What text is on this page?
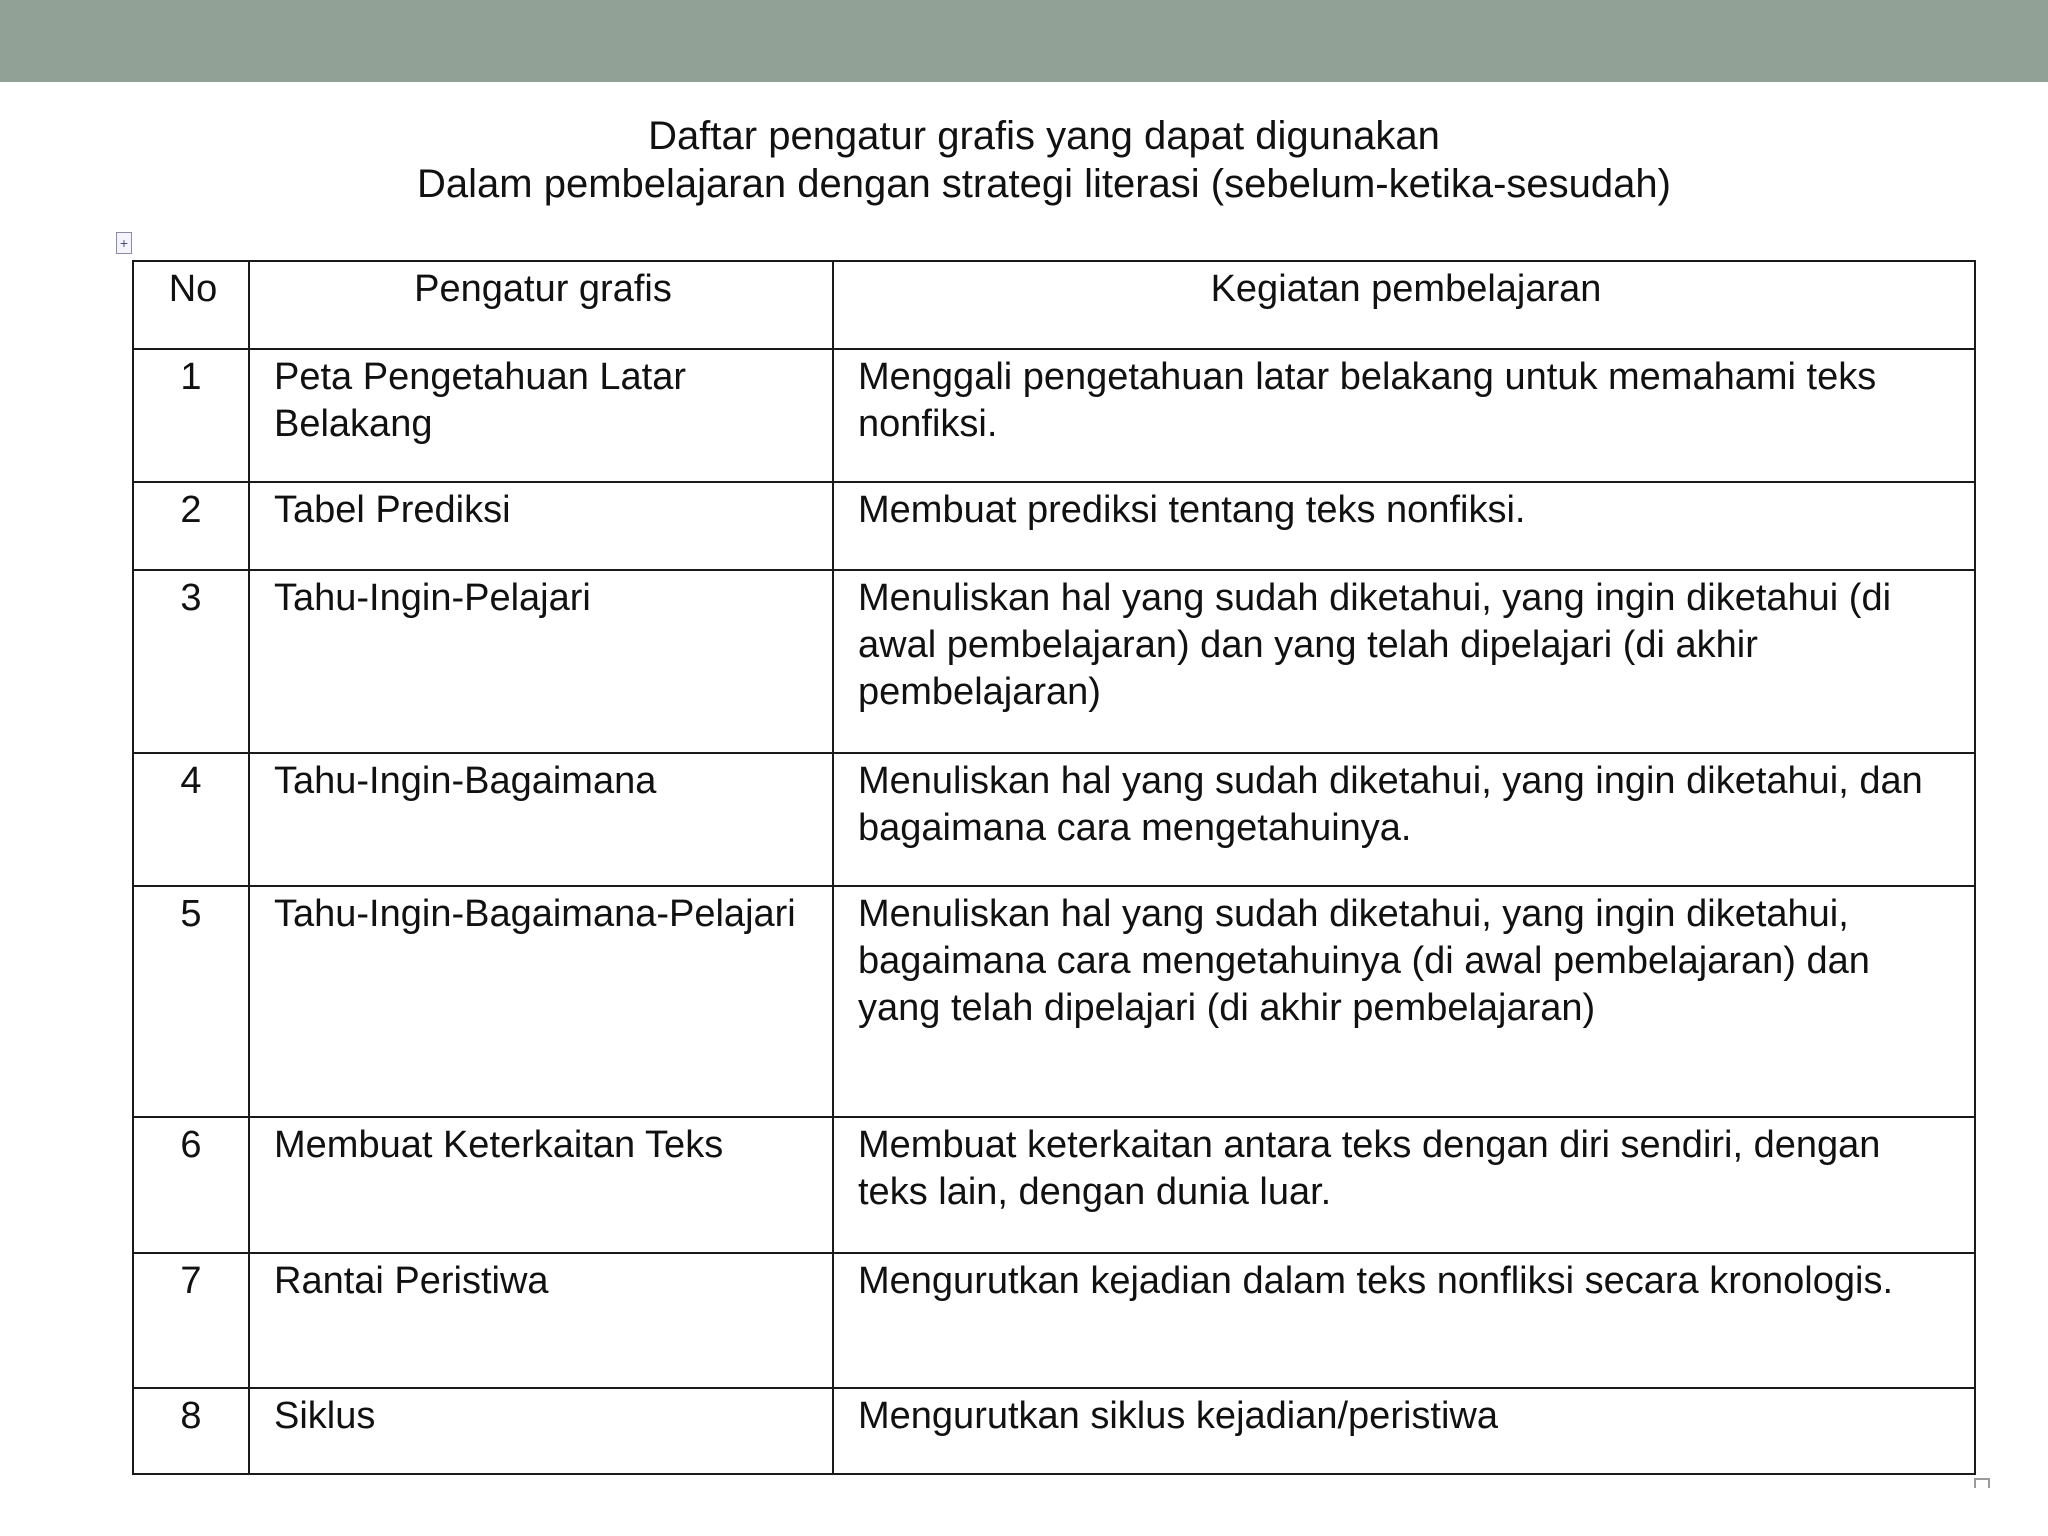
Daftar pengatur grafis yang dapat digunakan
Dalam pembelajaran dengan strategi literasi (sebelum-ketika-sesudah)
+
No	Pengatur grafis	Kegiatan pembelajaran
1	Peta Pengetahuan Latar Belakang	Menggali pengetahuan latar belakang untuk memahami teks nonfiksi.
2	Tabel Prediksi	Membuat prediksi tentang teks nonfiksi.
3	Tahu-Ingin-Pelajari	Menuliskan hal yang sudah diketahui, yang ingin diketahui (di awal pembelajaran) dan yang telah dipelajari (di akhir pembelajaran)
4	Tahu-Ingin-Bagaimana	Menuliskan hal yang sudah diketahui, yang ingin diketahui, dan bagaimana cara mengetahuinya.
5	Tahu-Ingin-Bagaimana-Pelajari	Menuliskan hal yang sudah diketahui, yang ingin diketahui, bagaimana cara mengetahuinya (di awal pembelajaran) dan yang telah dipelajari (di akhir pembelajaran)
6	Membuat Keterkaitan Teks	Membuat keterkaitan antara teks dengan diri sendiri, dengan teks lain, dengan dunia luar.
7	Rantai Peristiwa	Mengurutkan kejadian dalam teks nonfliksi secara kronologis.
8	Siklus	Mengurutkan siklus kejadian/peristiwa
